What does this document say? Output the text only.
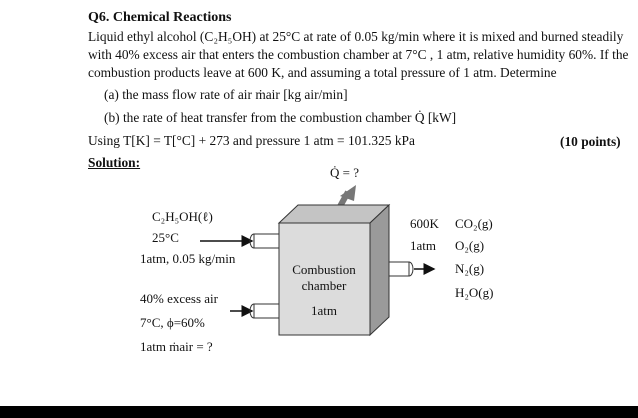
Q6. Chemical Reactions
Liquid ethyl alcohol (C₂H₅OH) at 25°C at rate of 0.05 kg/min where it is mixed and burned steadily
with 40% excess air that enters the combustion chamber at 7°C , 1 atm, relative humidity 60%. If the
combustion products leave at 600 K, and assuming a total pressure of 1 atm. Determine
(a) the mass flow rate of air ṁair [kg air/min]
(b) the rate of heat transfer from the combustion chamber Q̇ [kW]
Using T[K] = T[°C] + 273 and pressure 1 atm = 101.325 kPa	(10 points)
Solution:
Q̇ = ?
Combustion
chamber
1atm
C₂H₅OH(ℓ)
25°C
1atm, 0.05 kg/min
40% excess air
7°C, ϕ=60%
1atm ṁair = ?
600K
1atm
CO₂(g)
O₂(g)
N₂(g)
H₂O(g)
